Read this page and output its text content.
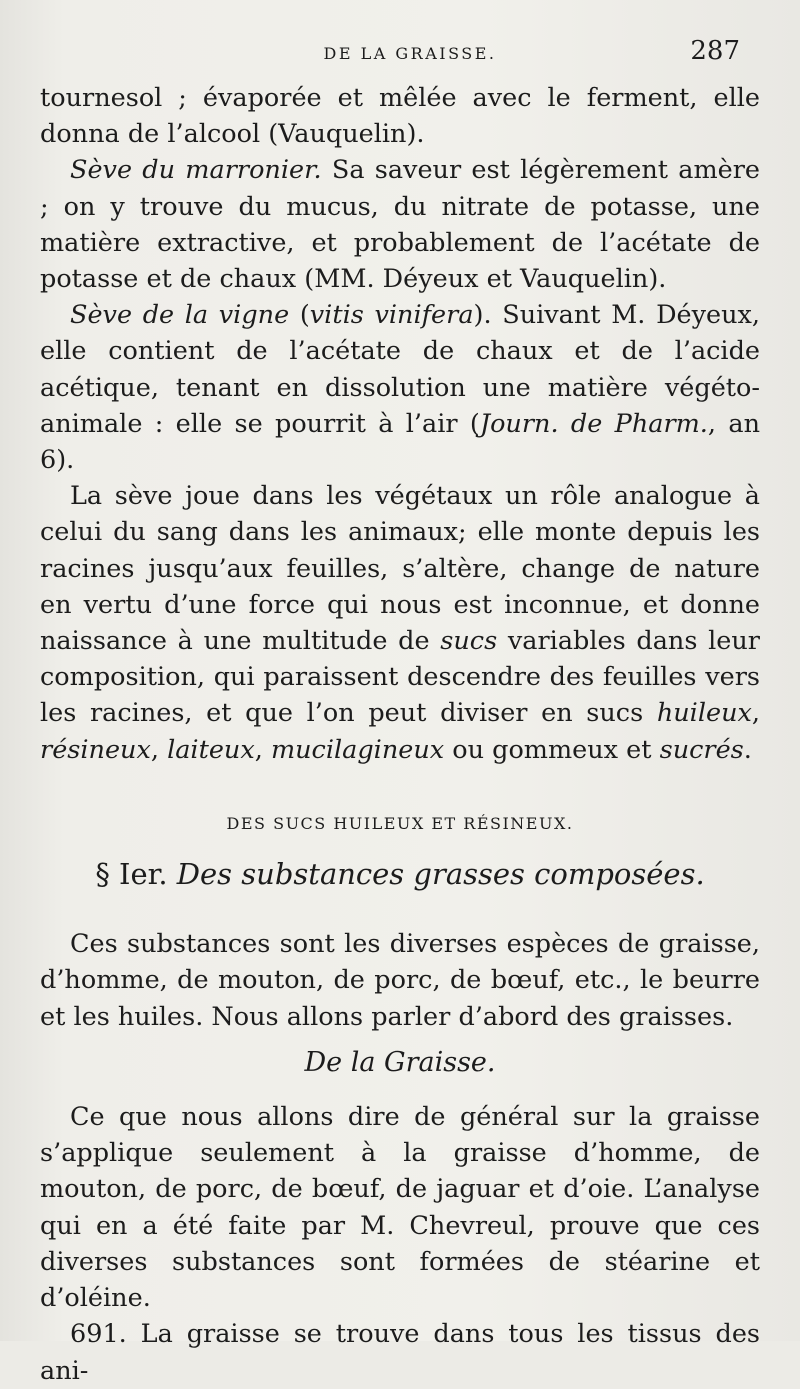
DE LA GRAISSE.	287

tournesol ; évaporée et mêlée avec le ferment, elle donna de l’alcool (Vauquelin).

Sève du marronier. Sa saveur est légèrement amère ; on y trouve du mucus, du nitrate de potasse, une matière extractive, et probablement de l’acétate de potasse et de chaux (MM. Déyeux et Vauquelin).

Sève de la vigne (vitis vinifera). Suivant M. Déyeux, elle contient de l’acétate de chaux et de l’acide acétique, tenant en dissolution une matière végéto-animale : elle se pourrit à l’air (Journ. de Pharm., an 6).

La sève joue dans les végétaux un rôle analogue à celui du sang dans les animaux; elle monte depuis les racines jusqu’aux feuilles, s’altère, change de nature en vertu d’une force qui nous est inconnue, et donne naissance à une multitude de sucs variables dans leur composition, qui paraissent descendre des feuilles vers les racines, et que l’on peut diviser en sucs huileux, résineux, laiteux, mucilagineux ou gommeux et sucrés.

DES SUCS HUILEUX ET RÉSINEUX.

§ Ier. Des substances grasses composées.

Ces substances sont les diverses espèces de graisse, d’homme, de mouton, de porc, de bœuf, etc., le beurre et les huiles. Nous allons parler d’abord des graisses.

De la Graisse.

Ce que nous allons dire de général sur la graisse s’applique seulement à la graisse d’homme, de mouton, de porc, de bœuf, de jaguar et d’oie. L’analyse qui en a été faite par M. Chevreul, prouve que ces diverses substances sont formées de stéarine et d’oléine.

691. La graisse se trouve dans tous les tissus des ani-
